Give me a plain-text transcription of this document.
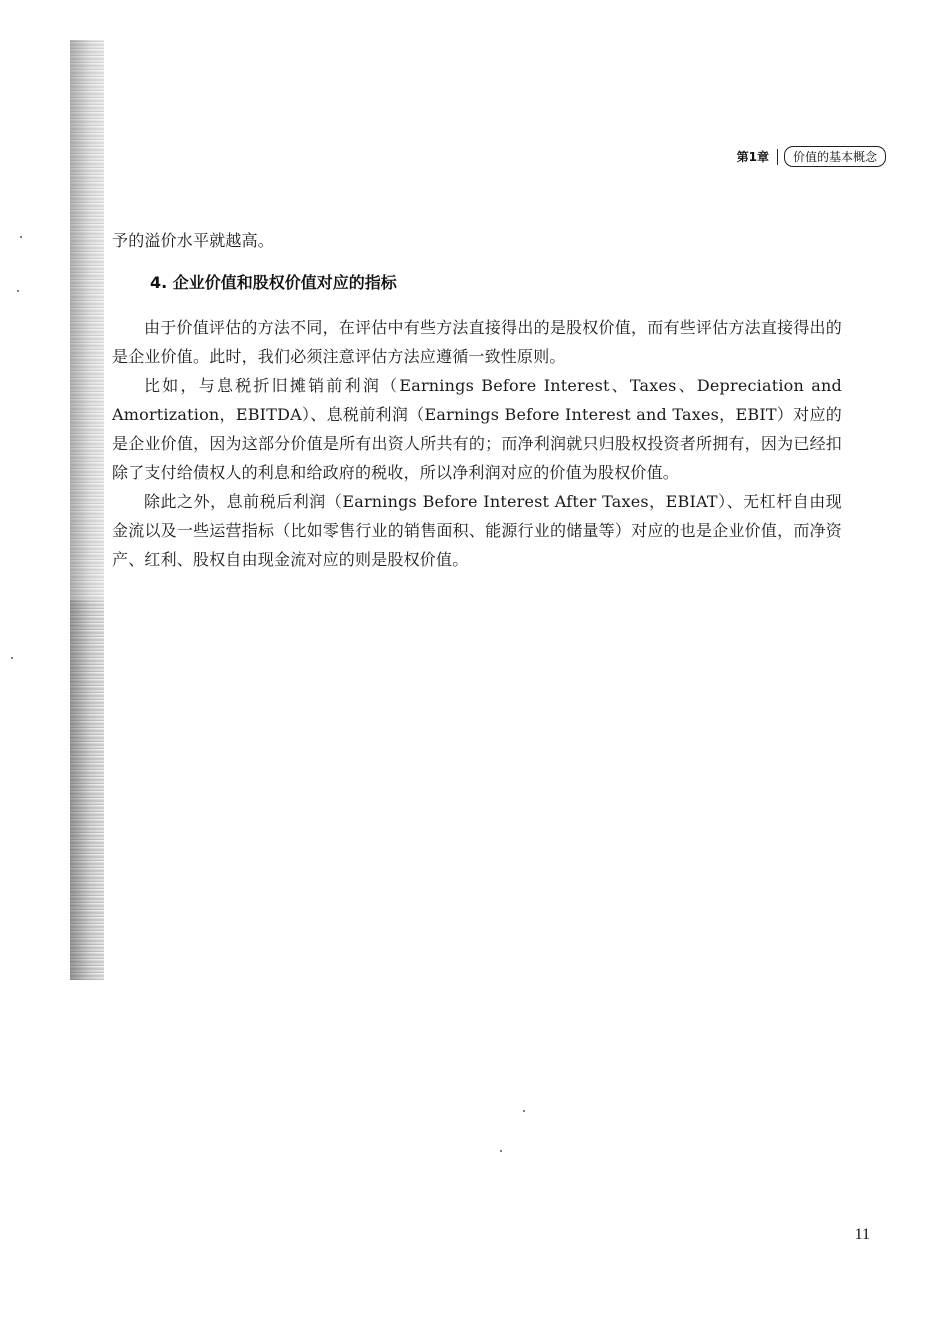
第1章	价值的基本概念

予的溢价水平就越高。

4. 企业价值和股权价值对应的指标

由于价值评估的方法不同，在评估中有些方法直接得出的是股权价值，而有些评估方法直接得出的是企业价值。此时，我们必须注意评估方法应遵循一致性原则。

比如，与息税折旧摊销前利润（Earnings Before Interest、Taxes、Depreciation and Amortization，EBITDA）、息税前利润（Earnings Before Interest and Taxes，EBIT）对应的是企业价值，因为这部分价值是所有出资人所共有的；而净利润就只归股权投资者所拥有，因为已经扣除了支付给债权人的利息和给政府的税收，所以净利润对应的价值为股权价值。

除此之外，息前税后利润（Earnings Before Interest After Taxes，EBIAT）、无杠杆自由现金流以及一些运营指标（比如零售行业的销售面积、能源行业的储量等）对应的也是企业价值，而净资产、红利、股权自由现金流对应的则是股权价值。

11
